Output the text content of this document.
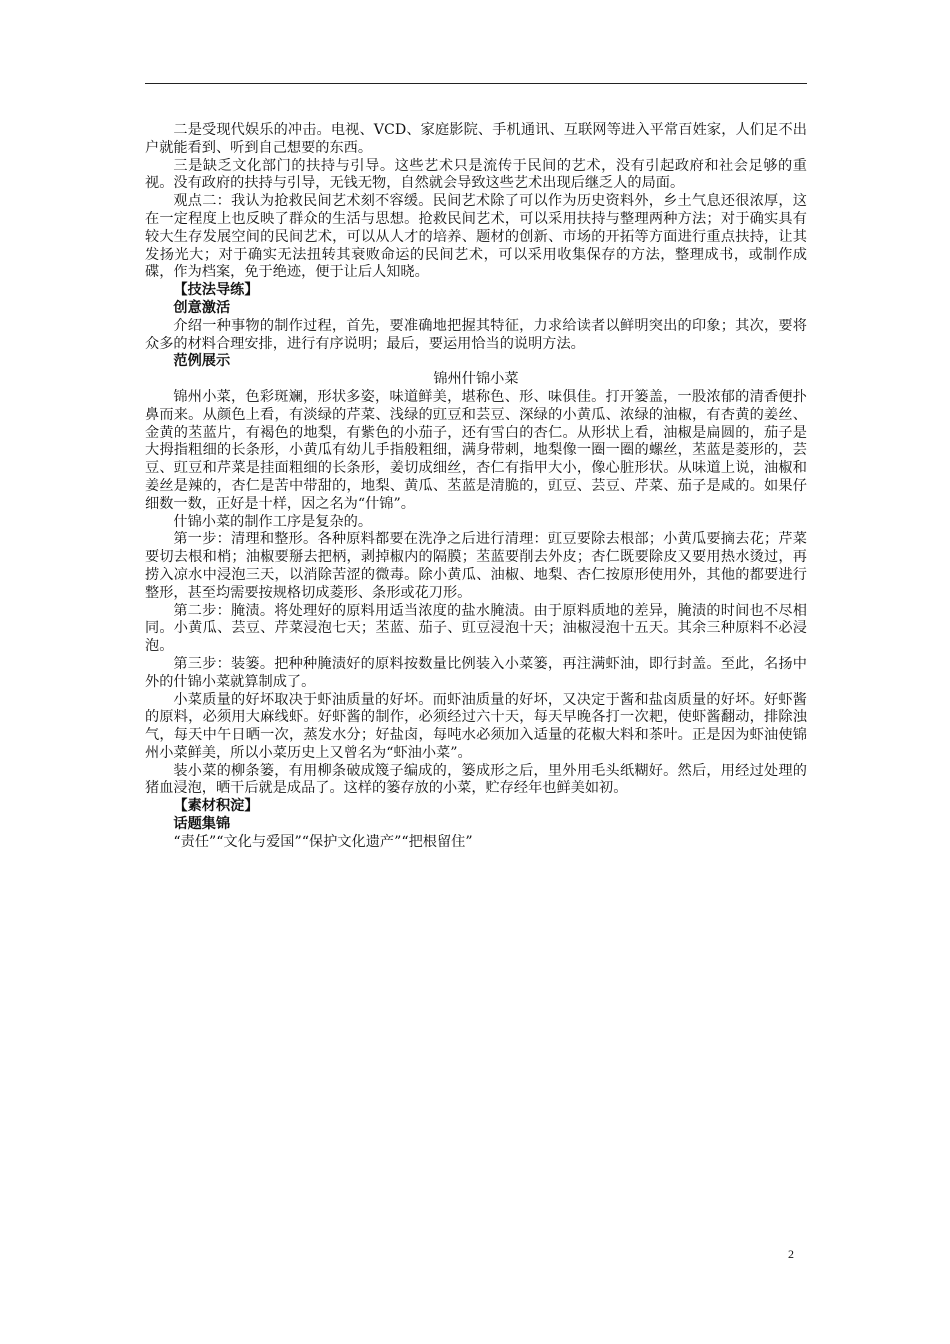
二是受现代娱乐的冲击。电视、VCD、家庭影院、手机通讯、互联网等进入平常百姓家，人们足不出户就能看到、听到自己想要的东西。

三是缺乏文化部门的扶持与引导。这些艺术只是流传于民间的艺术，没有引起政府和社会足够的重视。没有政府的扶持与引导，无钱无物，自然就会导致这些艺术出现后继乏人的局面。

观点二：我认为抢救民间艺术刻不容缓。民间艺术除了可以作为历史资料外，乡土气息还很浓厚，这在一定程度上也反映了群众的生活与思想。抢救民间艺术，可以采用扶持与整理两种方法；对于确实具有较大生存发展空间的民间艺术，可以从人才的培养、题材的创新、市场的开拓等方面进行重点扶持，让其发扬光大；对于确实无法扭转其衰败命运的民间艺术，可以采用收集保存的方法，整理成书，或制作成碟，作为档案，免于绝迹，便于让后人知晓。

【技法导练】

创意激活

介绍一种事物的制作过程，首先，要准确地把握其特征，力求给读者以鲜明突出的印象；其次，要将众多的材料合理安排，进行有序说明；最后，要运用恰当的说明方法。

范例展示

锦州什锦小菜

锦州小菜，色彩斑斓，形状多姿，味道鲜美，堪称色、形、味俱佳。打开篓盖，一股浓郁的清香便扑鼻而来。从颜色上看，有淡绿的芹菜、浅绿的豇豆和芸豆、深绿的小黄瓜、浓绿的油椒，有杏黄的姜丝、金黄的苤蓝片，有褐色的地梨，有紫色的小茄子，还有雪白的杏仁。从形状上看，油椒是扁圆的，茄子是大拇指粗细的长条形，小黄瓜有幼儿手指般粗细，满身带刺，地梨像一圈一圈的螺丝，苤蓝是菱形的，芸豆、豇豆和芹菜是挂面粗细的长条形，姜切成细丝，杏仁有指甲大小，像心脏形状。从味道上说，油椒和姜丝是辣的，杏仁是苦中带甜的，地梨、黄瓜、苤蓝是清脆的，豇豆、芸豆、芹菜、茄子是咸的。如果仔细数一数，正好是十样，因之名为“什锦”。

什锦小菜的制作工序是复杂的。

第一步：清理和整形。各种原料都要在洗净之后进行清理：豇豆要除去根部；小黄瓜要摘去花；芹菜要切去根和梢；油椒要掰去把柄，剥掉椒内的隔膜；苤蓝要削去外皮；杏仁既要除皮又要用热水烫过，再捞入凉水中浸泡三天，以消除苦涩的微毒。除小黄瓜、油椒、地梨、杏仁按原形使用外，其他的都要进行整形，甚至均需要按规格切成菱形、条形或花刀形。

第二步：腌渍。将处理好的原料用适当浓度的盐水腌渍。由于原料质地的差异，腌渍的时间也不尽相同。小黄瓜、芸豆、芹菜浸泡七天；苤蓝、茄子、豇豆浸泡十天；油椒浸泡十五天。其余三种原料不必浸泡。

第三步：装篓。把种种腌渍好的原料按数量比例装入小菜篓，再注满虾油，即行封盖。至此，名扬中外的什锦小菜就算制成了。

小菜质量的好坏取决于虾油质量的好坏。而虾油质量的好坏，又决定于酱和盐卤质量的好坏。好虾酱的原料，必须用大麻线虾。好虾酱的制作，必须经过六十天，每天早晚各打一次耙，使虾酱翻动，排除浊气，每天中午日晒一次，蒸发水分；好盐卤，每吨水必须加入适量的花椒大料和茶叶。正是因为虾油使锦州小菜鲜美，所以小菜历史上又曾名为“虾油小菜”。

装小菜的柳条篓，有用柳条破成篾子编成的，篓成形之后，里外用毛头纸糊好。然后，用经过处理的猪血浸泡，晒干后就是成品了。这样的篓存放的小菜，贮存经年也鲜美如初。

【素材积淀】

话题集锦

“责任”“文化与爱国”“保护文化遗产”“把根留住”

2
